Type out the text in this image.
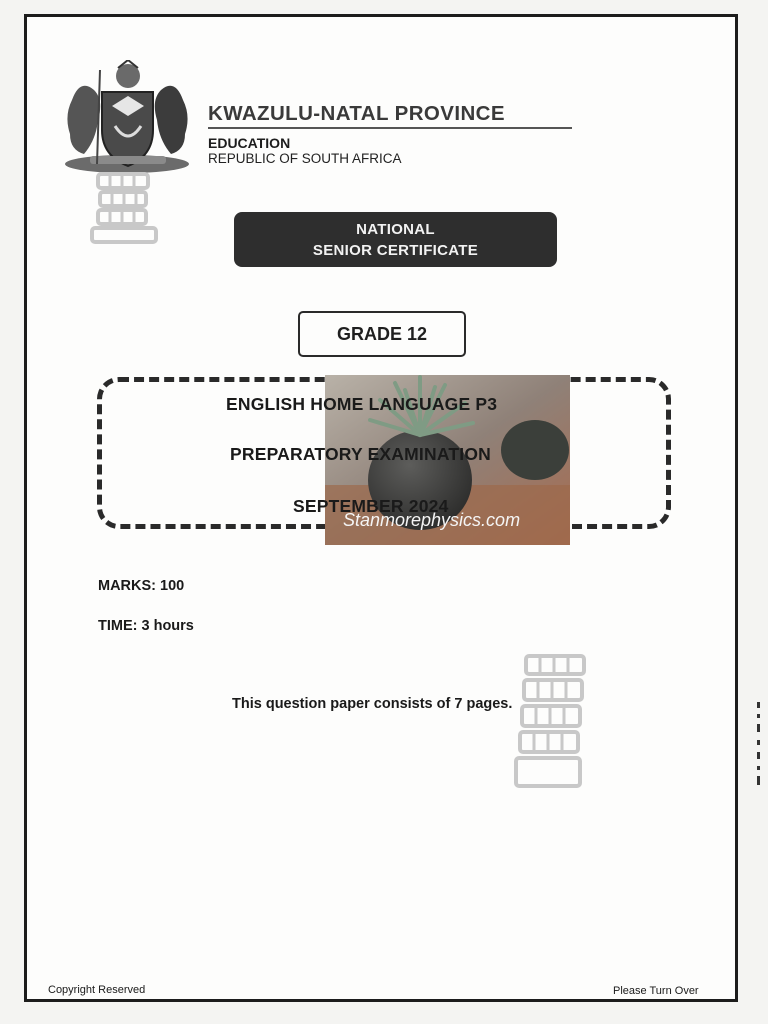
KWAZULU-NATAL PROVINCE
EDUCATION
REPUBLIC OF SOUTH AFRICA
NATIONAL
SENIOR CERTIFICATE
GRADE 12
Stanmorephysics.com
ENGLISH HOME LANGUAGE P3
PREPARATORY EXAMINATION
SEPTEMBER 2024
MARKS: 100
TIME: 3 hours
This question paper consists of 7 pages.
Copyright Reserved	Please Turn Over
